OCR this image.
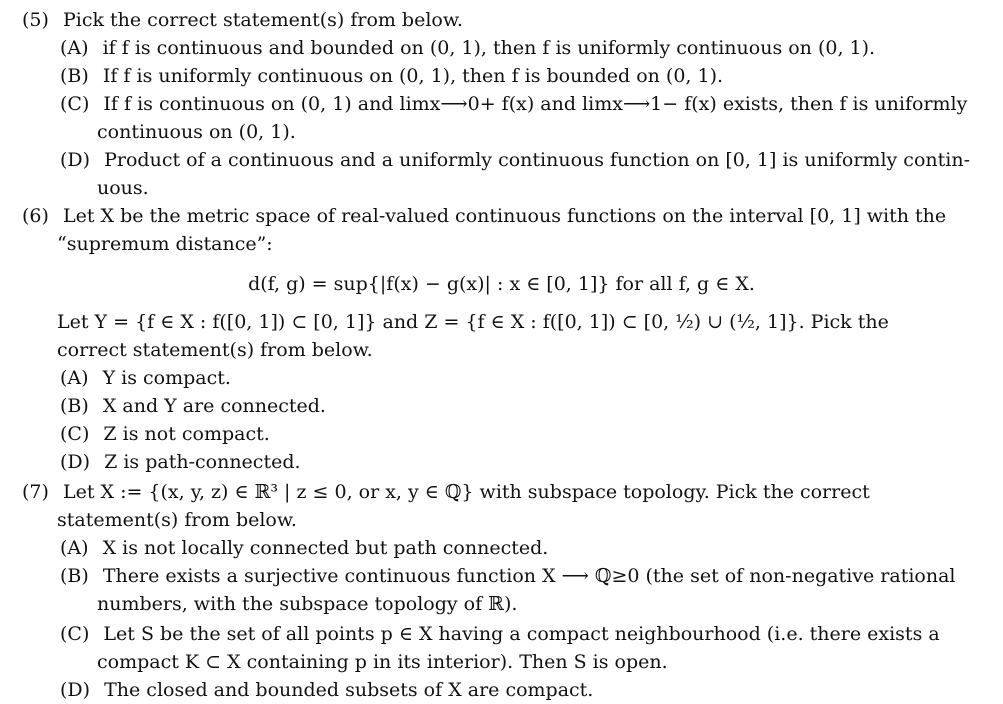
(5) Pick the correct statement(s) from below.
(A) if f is continuous and bounded on (0, 1), then f is uniformly continuous on (0, 1).
(B) If f is uniformly continuous on (0, 1), then f is bounded on (0, 1).
(C) If f is continuous on (0, 1) and limx⟶0+ f(x) and limx⟶1− f(x) exists, then f is uniformly
continuous on (0, 1).
(D) Product of a continuous and a uniformly continuous function on [0, 1] is uniformly contin-
uous.
(6) Let X be the metric space of real-valued continuous functions on the interval [0, 1] with the
“supremum distance”:
d(f, g) = sup{|f(x) − g(x)| : x ∈ [0, 1]} for all f, g ∈ X.
Let Y = {f ∈ X : f([0, 1]) ⊂ [0, 1]} and Z = {f ∈ X : f([0, 1]) ⊂ [0, ½) ∪ (½, 1]}. Pick the
correct statement(s) from below.
(A) Y is compact.
(B) X and Y are connected.
(C) Z is not compact.
(D) Z is path-connected.
(7) Let X := {(x, y, z) ∈ ℝ³ | z ≤ 0, or x, y ∈ ℚ} with subspace topology. Pick the correct
statement(s) from below.
(A) X is not locally connected but path connected.
(B) There exists a surjective continuous function X ⟶ ℚ≥0 (the set of non-negative rational
numbers, with the subspace topology of ℝ).
(C) Let S be the set of all points p ∈ X having a compact neighbourhood (i.e. there exists a
compact K ⊂ X containing p in its interior). Then S is open.
(D) The closed and bounded subsets of X are compact.
